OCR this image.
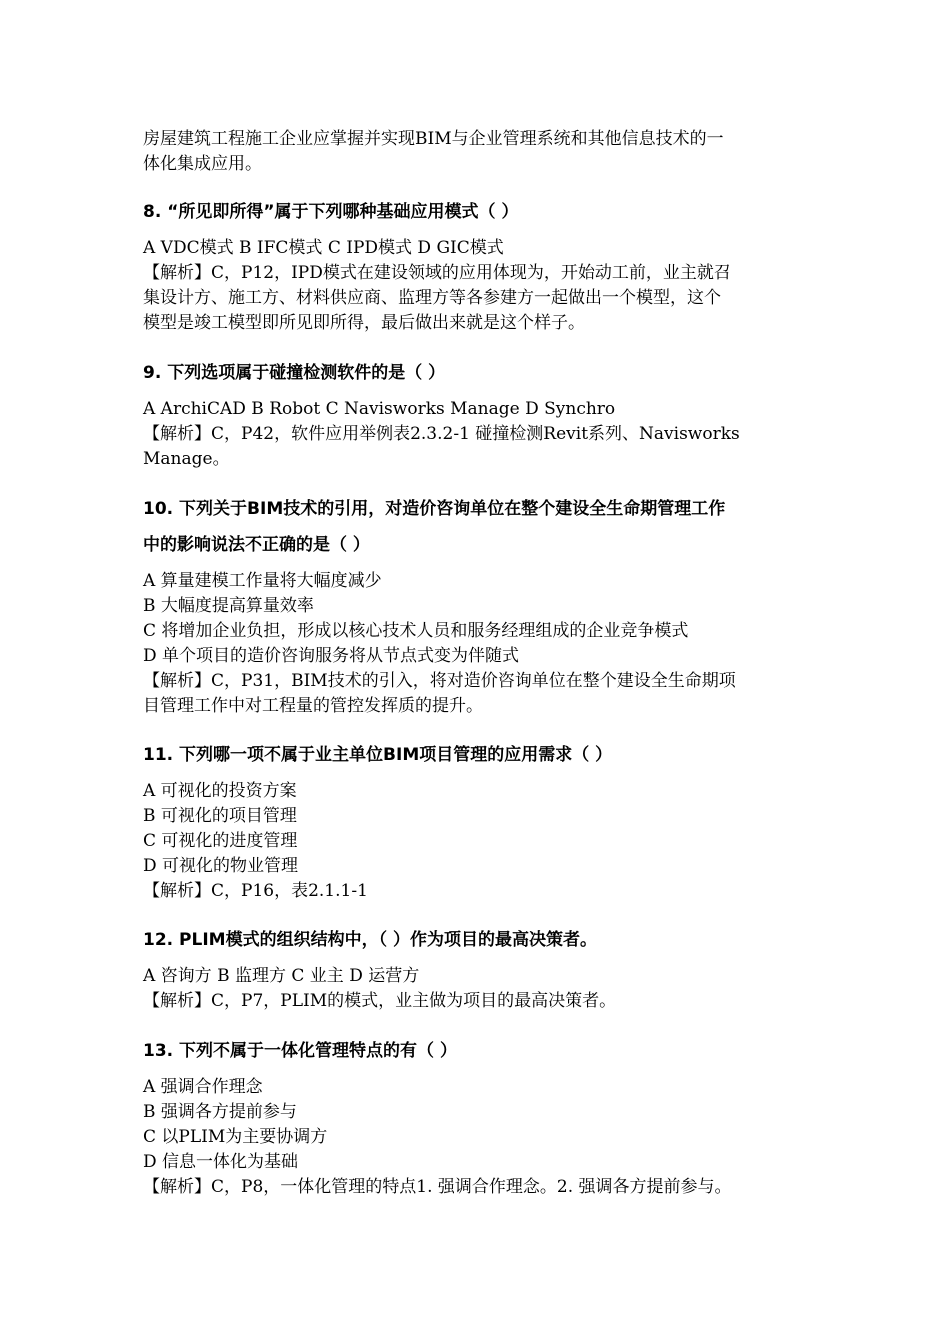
房屋建筑工程施工企业应掌握并实现BIM与企业管理系统和其他信息技术的一
体化集成应用。
8. “所见即所得”属于下列哪种基础应用模式（ ）
A VDC模式 B IFC模式 C IPD模式 D GIC模式
【解析】C，P12，IPD模式在建设领域的应用体现为，开始动工前，业主就召
集设计方、施工方、材料供应商、监理方等各参建方一起做出一个模型，这个
模型是竣工模型即所见即所得，最后做出来就是这个样子。
9. 下列选项属于碰撞检测软件的是（ ）
A ArchiCAD B Robot C Navisworks Manage D Synchro
【解析】C，P42，软件应用举例表2.3.2-1 碰撞检测Revit系列、Navisworks
Manage。
10. 下列关于BIM技术的引用，对造价咨询单位在整个建设全生命期管理工作
中的影响说法不正确的是（ ）
A 算量建模工作量将大幅度减少
B 大幅度提高算量效率
C 将增加企业负担，形成以核心技术人员和服务经理组成的企业竞争模式
D 单个项目的造价咨询服务将从节点式变为伴随式
【解析】C，P31，BIM技术的引入，将对造价咨询单位在整个建设全生命期项
目管理工作中对工程量的管控发挥质的提升。
11. 下列哪一项不属于业主单位BIM项目管理的应用需求（ ）
A 可视化的投资方案
B 可视化的项目管理
C 可视化的进度管理
D 可视化的物业管理
【解析】C，P16，表2.1.1-1
12. PLIM模式的组织结构中，（ ）作为项目的最高决策者。
A 咨询方 B 监理方 C 业主 D 运营方
【解析】C，P7，PLIM的模式，业主做为项目的最高决策者。
13. 下列不属于一体化管理特点的有（ ）
A 强调合作理念
B 强调各方提前参与
C 以PLIM为主要协调方
D 信息一体化为基础
【解析】C，P8，一体化管理的特点1. 强调合作理念。2. 强调各方提前参与。
